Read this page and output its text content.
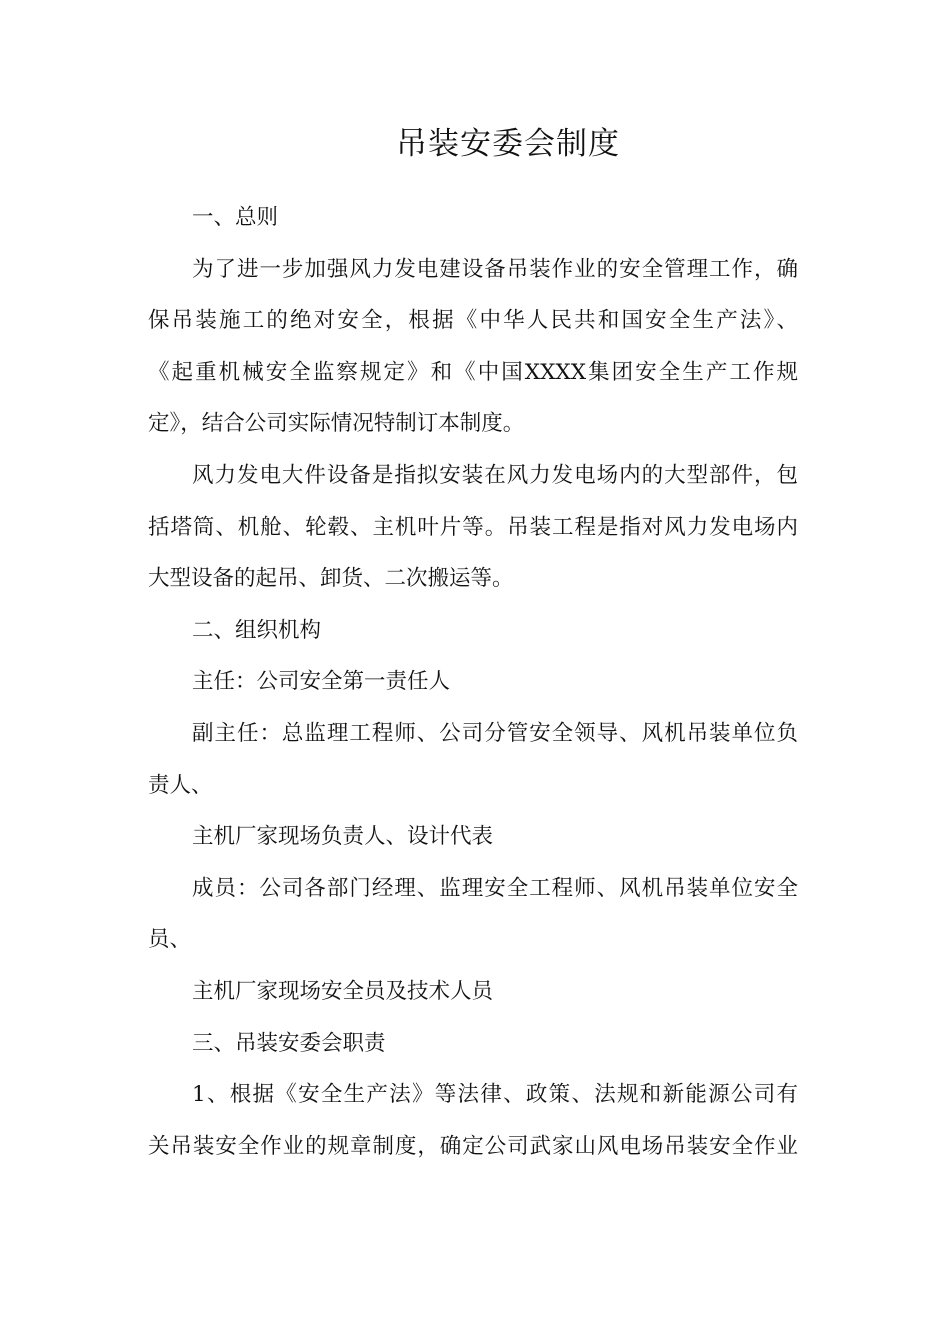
吊装安委会制度
一、总则
为了进一步加强风力发电建设备吊装作业的安全管理工作，确
保吊装施工的绝对安全，根据《中华人民共和国安全生产法》、
《起重机械安全监察规定》和《中国XXXX集团安全生产工作规
定》，结合公司实际情况特制订本制度。
风力发电大件设备是指拟安装在风力发电场内的大型部件，包
括塔筒、机舱、轮毂、主机叶片等。吊装工程是指对风力发电场内
大型设备的起吊、卸货、二次搬运等。
二、组织机构
主任：公司安全第一责任人
副主任：总监理工程师、公司分管安全领导、风机吊装单位负
责人、
主机厂家现场负责人、设计代表
成员：公司各部门经理、监理安全工程师、风机吊装单位安全
员、
主机厂家现场安全员及技术人员
三、吊装安委会职责
1、根据《安全生产法》等法律、政策、法规和新能源公司有
关吊装安全作业的规章制度，确定公司武家山风电场吊装安全作业
